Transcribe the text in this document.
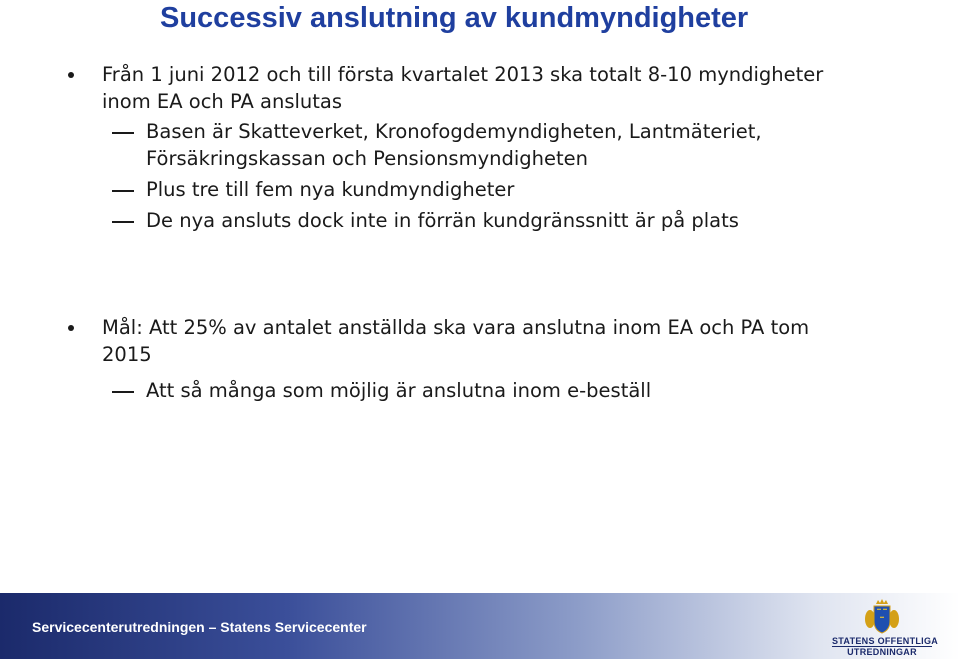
Successiv anslutning av kundmyndigheter
Från 1 juni 2012 och till första kvartalet 2013 ska totalt 8-10 myndigheter inom EA och PA anslutas
Basen är Skatteverket, Kronofogdemyndigheten, Lantmäteriet, Försäkringskassan och Pensionsmyndigheten
Plus tre till fem nya kundmyndigheter
De nya ansluts dock inte in förrän kundgränssnitt är på plats
Mål: Att 25% av antalet anställda ska vara anslutna inom EA och PA tom 2015
Att så många som möjlig är anslutna inom e-beställ
Servicecenterutredningen – Statens Servicecenter
STATENS OFFENTLIGA
UTREDNINGAR
